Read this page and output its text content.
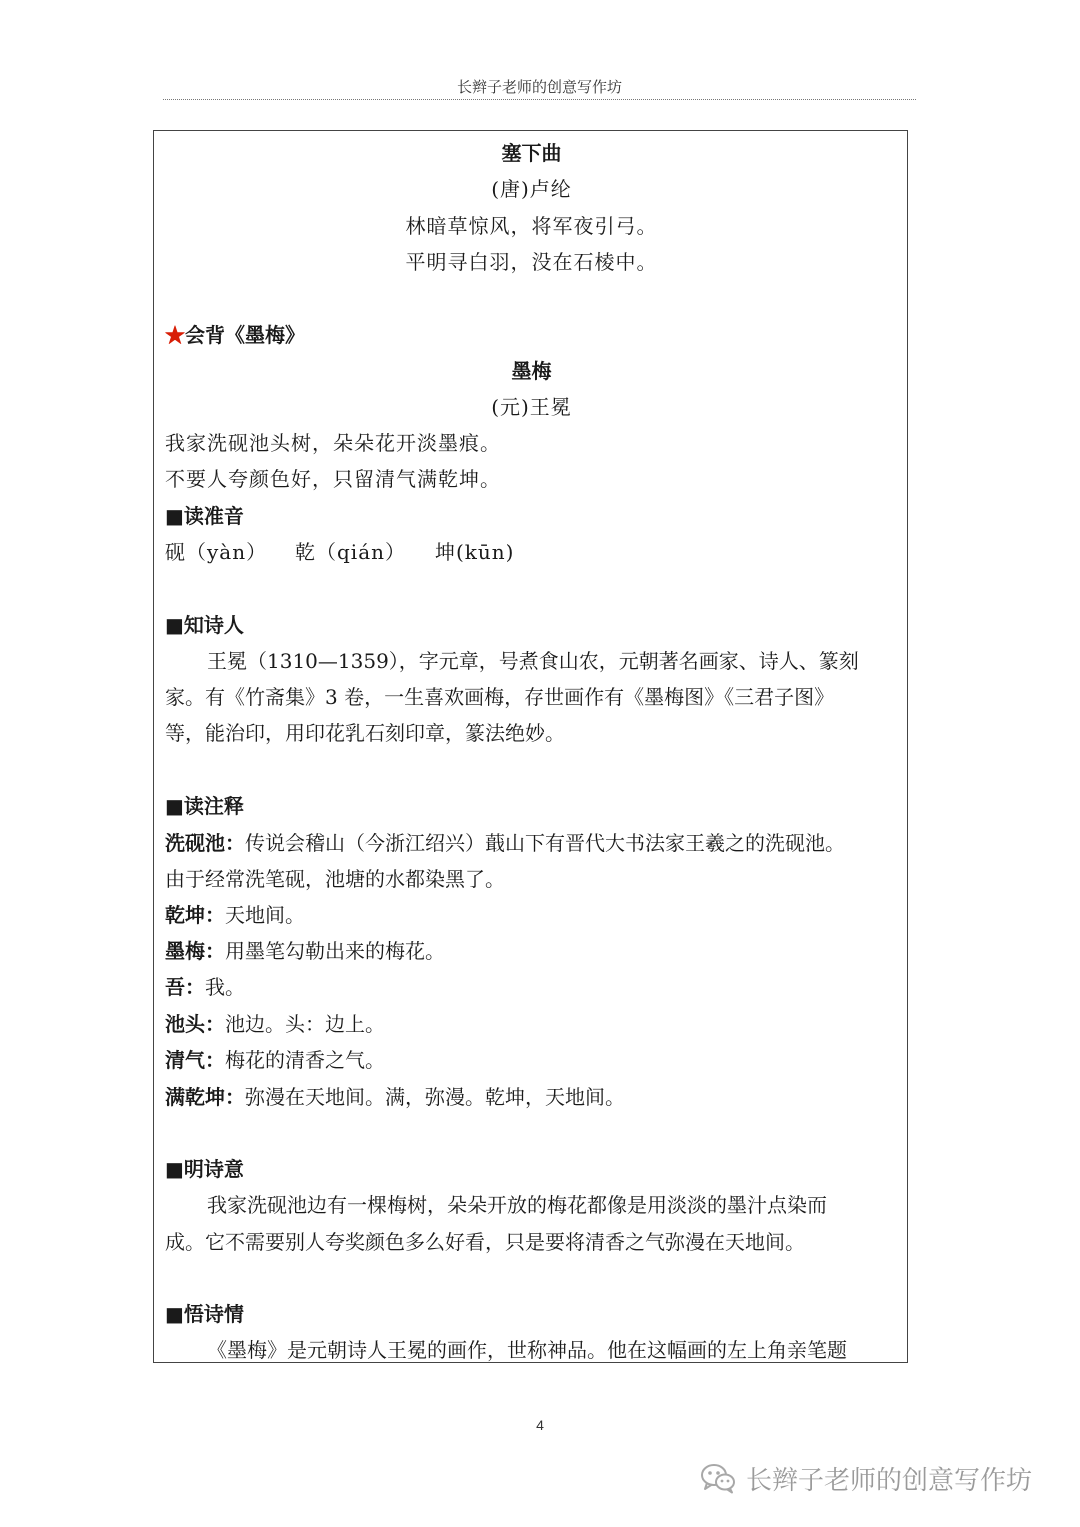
长辫子老师的创意写作坊
塞下曲
(唐)卢纶
林暗草惊风，将军夜引弓。
平明寻白羽，没在石棱中。
★会背《墨梅》
墨梅
(元)王冕
我家洗砚池头树，朵朵花开淡墨痕。
不要人夸颜色好，只留清气满乾坤。
■读准音
砚（yàn） 乾（qián） 坤(kūn)
■知诗人
王冕（1310—1359），字元章，号煮食山农，元朝著名画家、诗人、篆刻
家。有《竹斋集》3 卷，一生喜欢画梅，存世画作有《墨梅图》《三君子图》
等，能治印，用印花乳石刻印章，篆法绝妙。
■读注释
洗砚池：传说会稽山（今浙江绍兴）蕺山下有晋代大书法家王羲之的洗砚池。
由于经常洗笔砚，池塘的水都染黑了。
乾坤：天地间。
墨梅：用墨笔勾勒出来的梅花。
吾：我。
池头：池边。头：边上。
清气：梅花的清香之气。
满乾坤：弥漫在天地间。满，弥漫。乾坤，天地间。
■明诗意
我家洗砚池边有一棵梅树，朵朵开放的梅花都像是用淡淡的墨汁点染而
成。它不需要别人夸奖颜色多么好看，只是要将清香之气弥漫在天地间。
■悟诗情
《墨梅》是元朝诗人王冕的画作，世称神品。他在这幅画的左上角亲笔题
4
长辫子老师的创意写作坊
